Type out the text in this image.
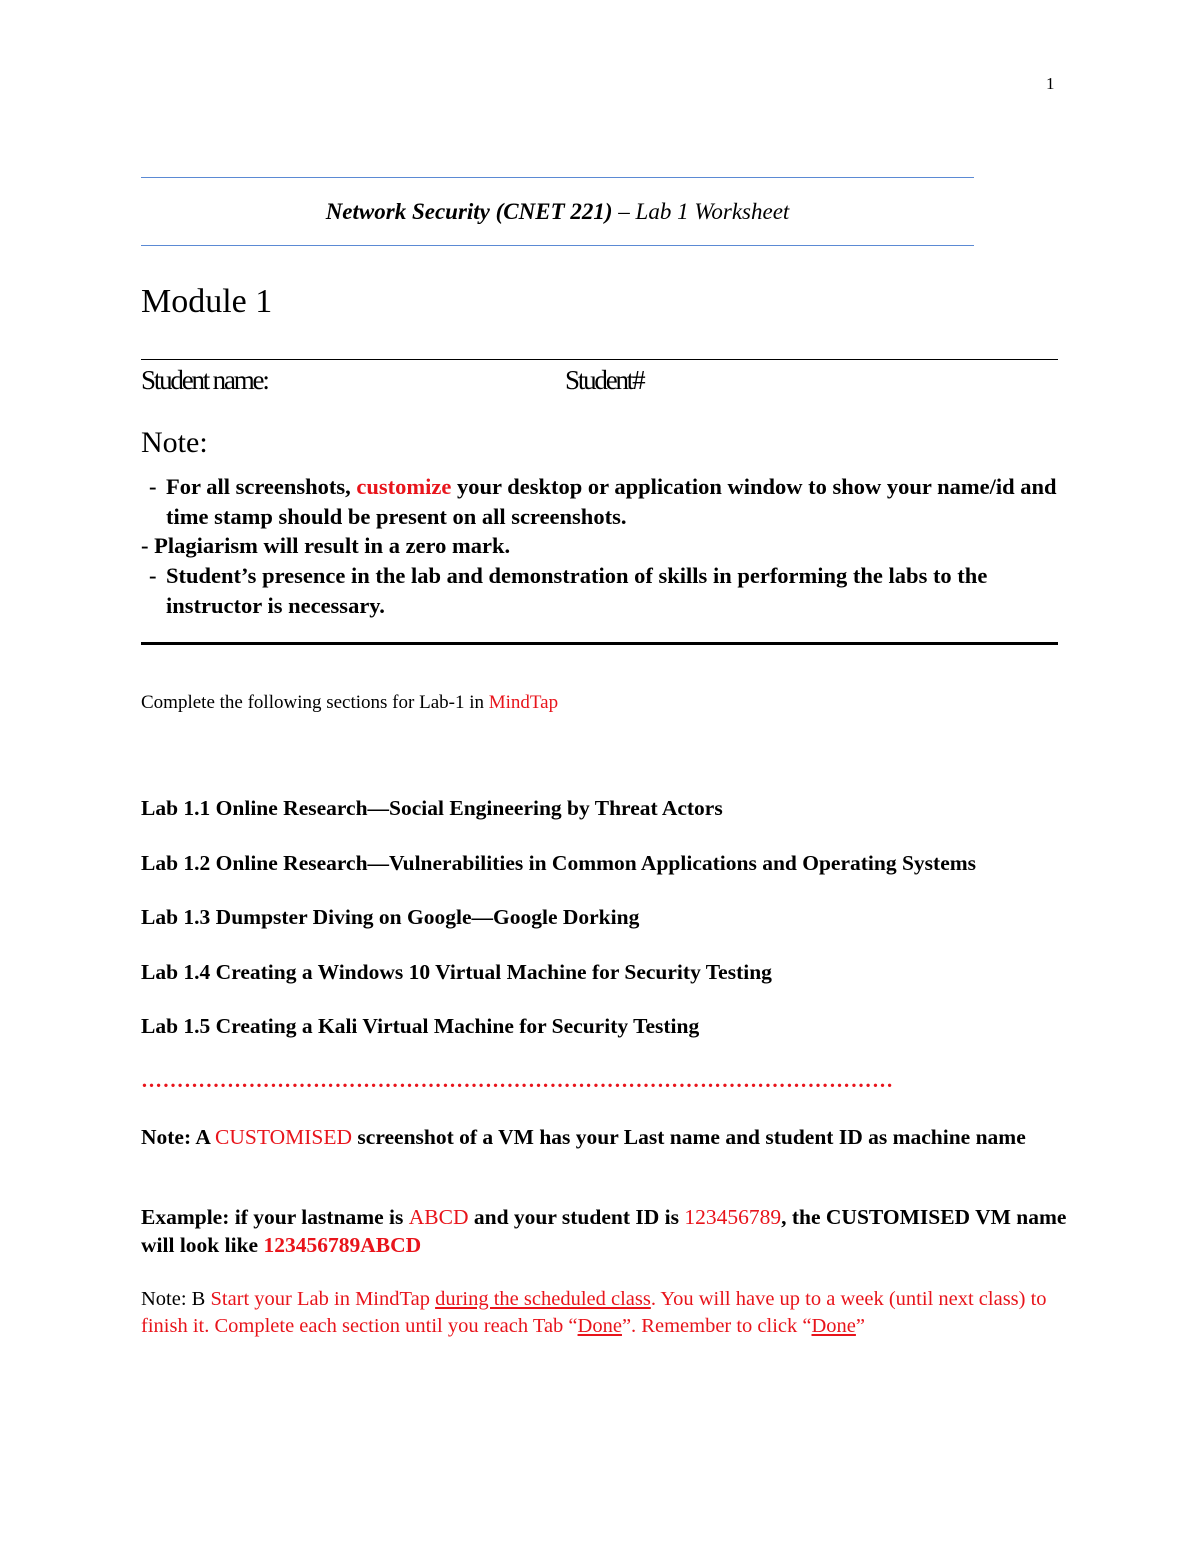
1
Network Security (CNET 221) – Lab 1 Worksheet
Module 1
Student name:	Student#
Note:
- For all screenshots, customize your desktop or application window to show your name/id and time stamp should be present on all screenshots.
- Plagiarism will result in a zero mark.
- Student’s presence in the lab and demonstration of skills in performing the labs to the instructor is necessary.
Complete the following sections for Lab-1 in MindTap
Lab 1.1 Online Research—Social Engineering by Threat Actors
Lab 1.2 Online Research—Vulnerabilities in Common Applications and Operating Systems
Lab 1.3 Dumpster Diving on Google—Google Dorking
Lab 1.4 Creating a Windows 10 Virtual Machine for Security Testing
Lab 1.5 Creating a Kali Virtual Machine for Security Testing
……………………………………………………………………………………………
Note: A CUSTOMISED screenshot of a VM has your Last name and student ID as machine name
Example: if your lastname is ABCD and your student ID is 123456789, the CUSTOMISED VM name will look like 123456789ABCD
Note: B Start your Lab in MindTap during the scheduled class. You will have up to a week (until next class) to finish it. Complete each section until you reach Tab “Done”. Remember to click “Done”
